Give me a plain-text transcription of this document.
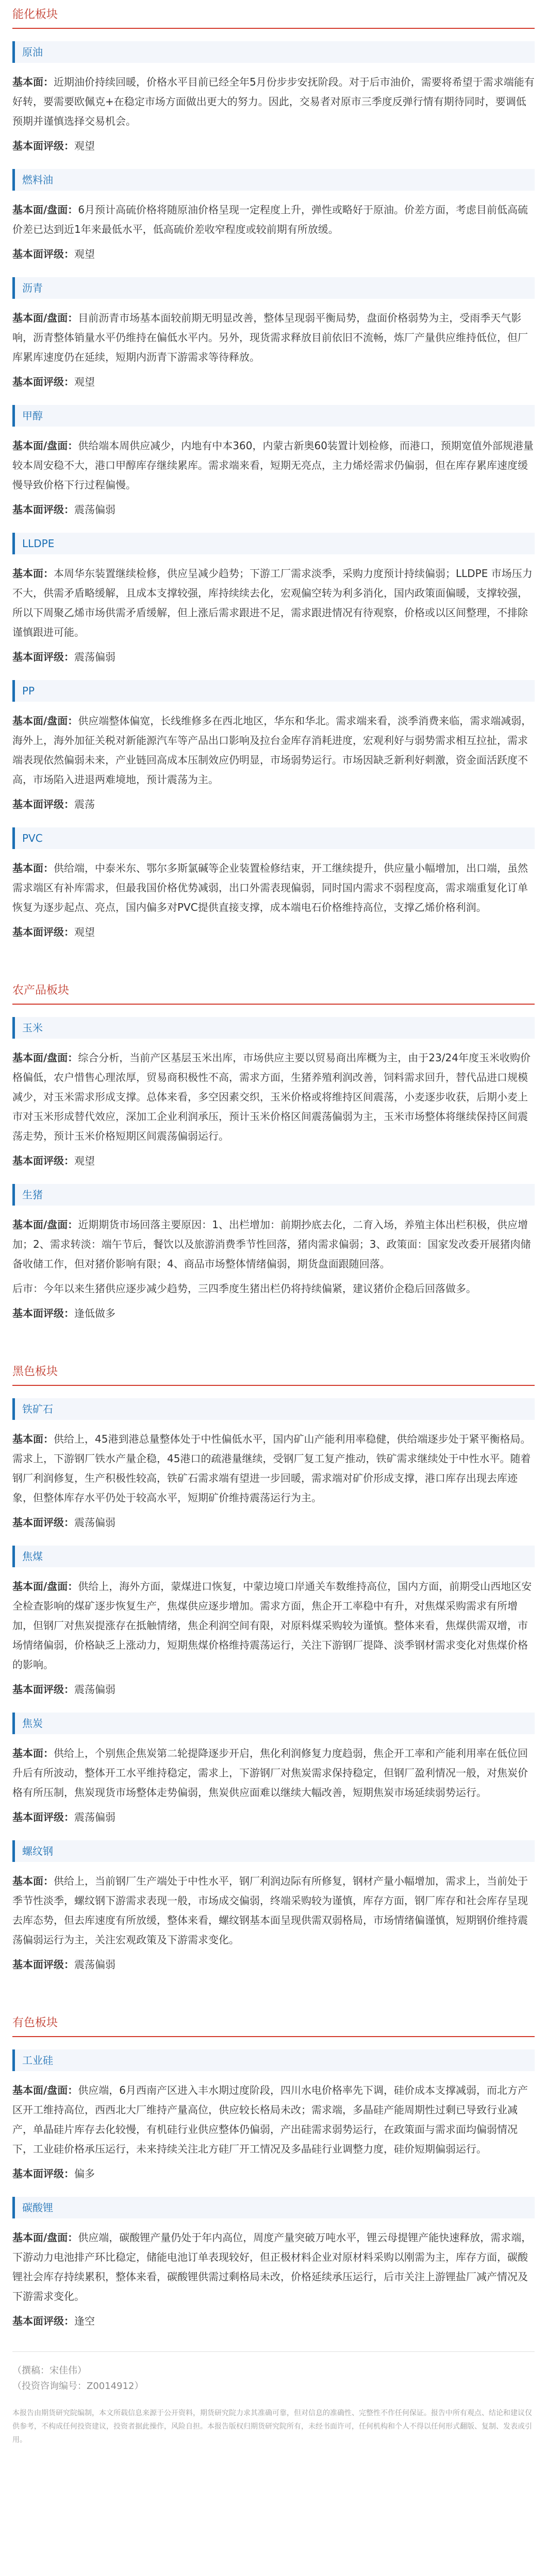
能化板块
原油

基本面：近期油价持续回暖，价格水平目前已经全年5月份步步安抚阶段。对于后市油价，需要将希望于需求端能有好转，要需要欧佩克+在稳定市场方面做出更大的努力。因此，交易者对原市三季度反弹行情有期待同时，要调低预期并谨慎选择交易机会。

基本面评级：观望

燃料油

基本面/盘面：6月预计高硫价格将随原油价格呈现一定程度上升，弹性或略好于原油。价差方面，考虑目前低高硫价差已达到近1年来最低水平，低高硫价差收窄程度或较前期有所放缓。

基本面评级：观望

沥青

基本面/盘面：目前沥青市场基本面较前期无明显改善，整体呈现弱平衡局势，盘面价格弱势为主，受雨季天气影响，沥青整体销量水平仍维持在偏低水平内。另外，现货需求释放目前依旧不流畅，炼厂产量供应维持低位，但厂库累库速度仍在延续，短期内沥青下游需求等待释放。

基本面评级：观望

甲醇

基本面/盘面：供给端本周供应减少，内地有中本360，内蒙古新奥60装置计划检修，而港口，预期宽值外部规港量较本周安稳不大，港口甲醇库存继续累库。需求端来看，短期无亮点，主力烯烃需求仍偏弱，但在库存累库速度缓慢导致价格下行过程偏慢。

基本面评级：震荡偏弱

LLDPE

基本面：本周华东装置继续检修，供应呈减少趋势；下游工厂需求淡季，采购力度预计持续偏弱；LLDPE 市场压力不大，供需矛盾略缓解，且成本支撑较强，库持续续去化，宏观偏空转为利多消化，国内政策面偏暖，支撑较强，所以下周聚乙烯市场供需矛盾缓解，但上涨后需求跟进不足，需求跟进情况有待观察，价格或以区间整理，不排除谨慎跟进可能。

基本面评级：震荡偏弱

PP

基本面/盘面：供应端整体偏宽，长线维修多在西北地区，华东和华北。需求端来看，淡季消费来临，需求端减弱，海外上，海外加征关税对新能源汽车等产品出口影响及拉台金库存消耗进度，宏观利好与弱势需求相互拉扯，需求端表现依然偏弱未来，产业链回高成本压制效应仍明显，市场弱势运行。市场因缺乏新利好刺激，资金面活跃度不高，市场陷入进退两难境地，预计震荡为主。

基本面评级：震荡

PVC

基本面：供给端，中泰米东、鄂尔多斯氯碱等企业装置检修结束，开工继续提升，供应量小幅增加，出口端，虽然需求端区有补库需求，但最我国价格优势减弱，出口外需表现偏弱，同时国内需求不弱程度高，需求端重复化订单恢复为逐步起点、亮点，国内偏多对PVC提供直接支撑，成本端电石价格维持高位，支撑乙烯价格利润。

基本面评级：观望

农产品板块
玉米

基本面/盘面：综合分析，当前产区基层玉米出库，市场供应主要以贸易商出库概为主，由于23/24年度玉米收购价格偏低，农户惜售心理浓厚，贸易商积极性不高，需求方面，生猪养殖利润改善，饲料需求回升，替代品进口规模减少，对玉米需求形成支撑。总体来看，多空因素交织，玉米价格或将维持区间震荡，小麦逐步收获，后期小麦上市对玉米形成替代效应，深加工企业利润承压，预计玉米价格区间震荡偏弱为主，玉米市场整体将继续保持区间震荡走势，预计玉米价格短期区间震荡偏弱运行。

基本面评级：观望

生猪

基本面/盘面：近期期货市场回落主要原因：1、出栏增加：前期抄底去化，二育入场，养殖主体出栏积极，供应增加；2、需求转淡：端午节后，餐饮以及旅游消费季节性回落，猪肉需求偏弱；3、政策面：国家发改委开展猪肉储备收储工作，但对猪价影响有限；4、商品市场整体情绪偏弱，期货盘面跟随回落。

后市：今年以来生猪供应逐步减少趋势，三四季度生猪出栏仍将持续偏紧，建议猪价企稳后回落做多。

基本面评级：逢低做多

黑色板块
铁矿石

基本面：供给上，45港到港总量整体处于中性偏低水平，国内矿山产能利用率稳健，供给端逐步处于紧平衡格局。需求上，下游钢厂铁水产量企稳，45港口的疏港量继续，受钢厂复工复产推动，铁矿需求继续处于中性水平。随着钢厂利润修复，生产积极性较高，铁矿石需求端有望进一步回暖，需求端对矿价形成支撑，港口库存出现去库迹象，但整体库存水平仍处于较高水平，短期矿价维持震荡运行为主。

基本面评级：震荡偏弱

焦煤

基本面/盘面：供给上，海外方面，蒙煤进口恢复，中蒙边境口岸通关车数维持高位，国内方面，前期受山西地区安全检查影响的煤矿逐步恢复生产，焦煤供应逐步增加。需求方面，焦企开工率稳中有升，对焦煤采购需求有所增加，但钢厂对焦炭提涨存在抵触情绪，焦企利润空间有限，对原料煤采购较为谨慎。整体来看，焦煤供需双增，市场情绪偏弱，价格缺乏上涨动力，短期焦煤价格维持震荡运行，关注下游钢厂提降、淡季钢材需求变化对焦煤价格的影响。

基本面评级：震荡偏弱

焦炭

基本面：供给上，个别焦企焦炭第二轮提降逐步开启，焦化利润修复力度趋弱，焦企开工率和产能利用率在低位回升后有所波动，整体开工水平维持稳定，需求上，下游钢厂对焦炭需求保持稳定，但钢厂盈利情况一般，对焦炭价格有所压制，焦炭现货市场整体走势偏弱，焦炭供应面难以继续大幅改善，短期焦炭市场延续弱势运行。

基本面评级：震荡偏弱

螺纹钢

基本面：供给上，当前钢厂生产端处于中性水平，钢厂利润边际有所修复，钢材产量小幅增加，需求上，当前处于季节性淡季，螺纹钢下游需求表现一般，市场成交偏弱，终端采购较为谨慎，库存方面，钢厂库存和社会库存呈现去库态势，但去库速度有所放缓，整体来看，螺纹钢基本面呈现供需双弱格局，市场情绪偏谨慎，短期钢价维持震荡偏弱运行为主，关注宏观政策及下游需求变化。

基本面评级：震荡偏弱

有色板块
工业硅

基本面/盘面：供应端，6月西南产区进入丰水期过度阶段，四川水电价格率先下调，硅价成本支撑减弱，而北方产区开工维持高位，西西北大厂维持产量高位，供应较长格局未改；需求端，多晶硅产能周期性过剩已导致行业减产，单晶硅片库存去化较慢，有机硅行业供应整体仍偏弱，产出硅需求弱势运行，在政策面与需求面均偏弱情况下，工业硅价格承压运行，未来持续关注北方硅厂开工情况及多晶硅行业调整力度，硅价短期偏弱运行。

基本面评级：偏多

碳酸锂

基本面/盘面：供应端，碳酸锂产量仍处于年内高位，周度产量突破万吨水平，锂云母提锂产能快速释放，需求端，下游动力电池排产环比稳定，储能电池订单表现较好，但正极材料企业对原材料采购以刚需为主，库存方面，碳酸锂社会库存持续累积，整体来看，碳酸锂供需过剩格局未改，价格延续承压运行，后市关注上游锂盐厂减产情况及下游需求变化。

基本面评级：逢空

（撰稿：宋佳伟）
（投资咨询编号：Z0014912）
本报告由期货研究院编制，本文所载信息来源于公开资料，期货研究院力求其准确可靠，但对信息的准确性、完整性不作任何保证。报告中所有观点、结论和建议仅供参考，不构成任何投资建议，投资者据此操作，风险自担。本报告版权归期货研究院所有，未经书面许可，任何机构和个人不得以任何形式翻版、复制、发表或引用。
